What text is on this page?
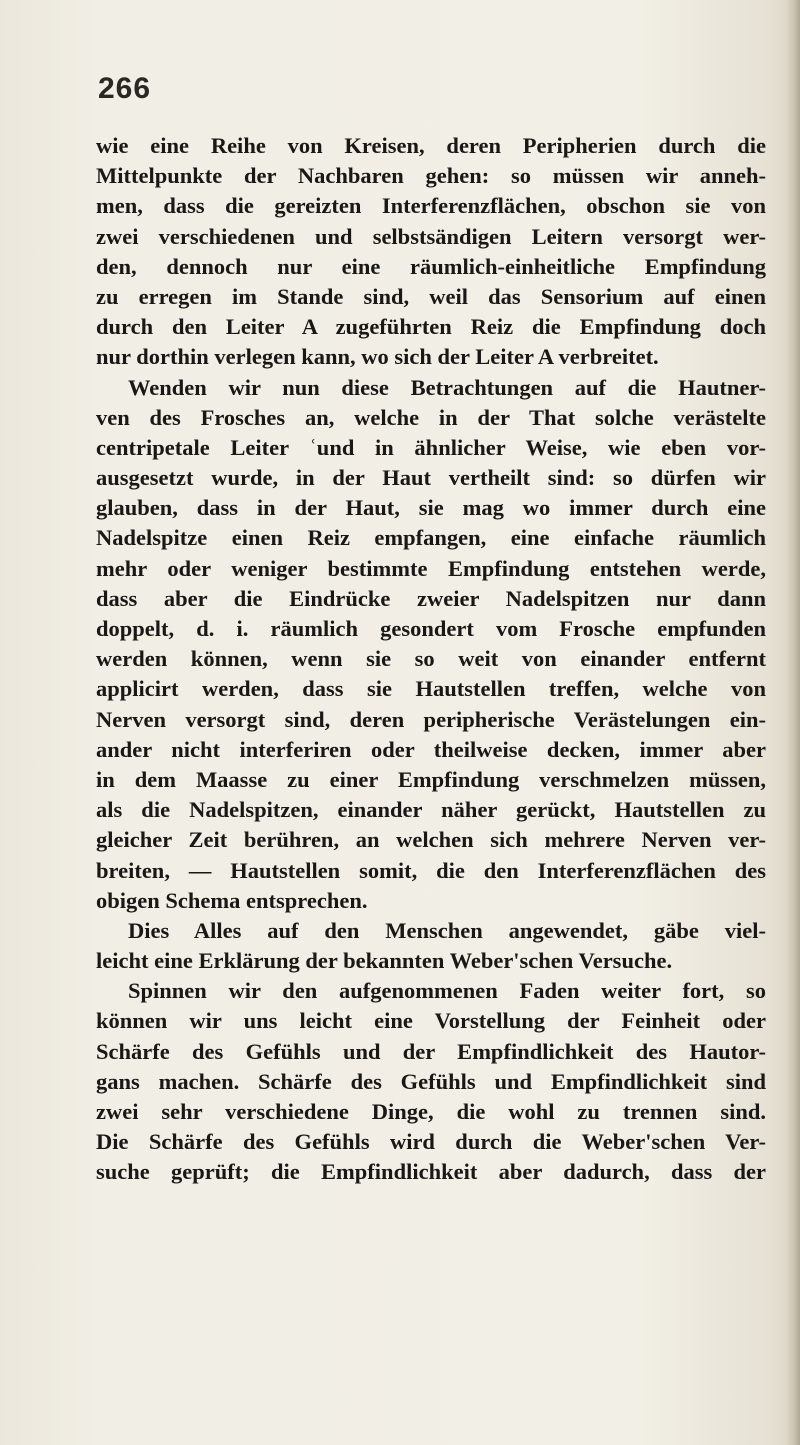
266
wie eine Reihe von Kreisen, deren Peripherien durch die
Mittelpunkte der Nachbaren gehen: so müssen wir anneh-
men, dass die gereizten Interferenzflächen, obschon sie von
zwei verschiedenen und selbstsändigen Leitern versorgt wer-
den, dennoch nur eine räumlich-einheitliche Empfindung
zu erregen im Stande sind, weil das Sensorium auf einen
durch den Leiter A zugeführten Reiz die Empfindung doch
nur dorthin verlegen kann, wo sich der Leiter A verbreitet.
Wenden wir nun diese Betrachtungen auf die Hautner-
ven des Frosches an, welche in der That solche verästelte
centripetale Leiter ʿund in ähnlicher Weise, wie eben vor-
ausgesetzt wurde, in der Haut vertheilt sind: so dürfen wir
glauben, dass in der Haut, sie mag wo immer durch eine
Nadelspitze einen Reiz empfangen, eine einfache räumlich
mehr oder weniger bestimmte Empfindung entstehen werde,
dass aber die Eindrücke zweier Nadelspitzen nur dann
doppelt, d. i. räumlich gesondert vom Frosche empfunden
werden können, wenn sie so weit von einander entfernt
applicirt werden, dass sie Hautstellen treffen, welche von
Nerven versorgt sind, deren peripherische Verästelungen ein-
ander nicht interferiren oder theilweise decken, immer aber
in dem Maasse zu einer Empfindung verschmelzen müssen,
als die Nadelspitzen, einander näher gerückt, Hautstellen zu
gleicher Zeit berühren, an welchen sich mehrere Nerven ver-
breiten, — Hautstellen somit, die den Interferenzflächen des
obigen Schema entsprechen.
Dies Alles auf den Menschen angewendet, gäbe viel-
leicht eine Erklärung der bekannten Weber'schen Versuche.
Spinnen wir den aufgenommenen Faden weiter fort, so
können wir uns leicht eine Vorstellung der Feinheit oder
Schärfe des Gefühls und der Empfindlichkeit des Hautor-
gans machen. Schärfe des Gefühls und Empfindlichkeit sind
zwei sehr verschiedene Dinge, die wohl zu trennen sind.
Die Schärfe des Gefühls wird durch die Weber'schen Ver-
suche geprüft; die Empfindlichkeit aber dadurch, dass der
